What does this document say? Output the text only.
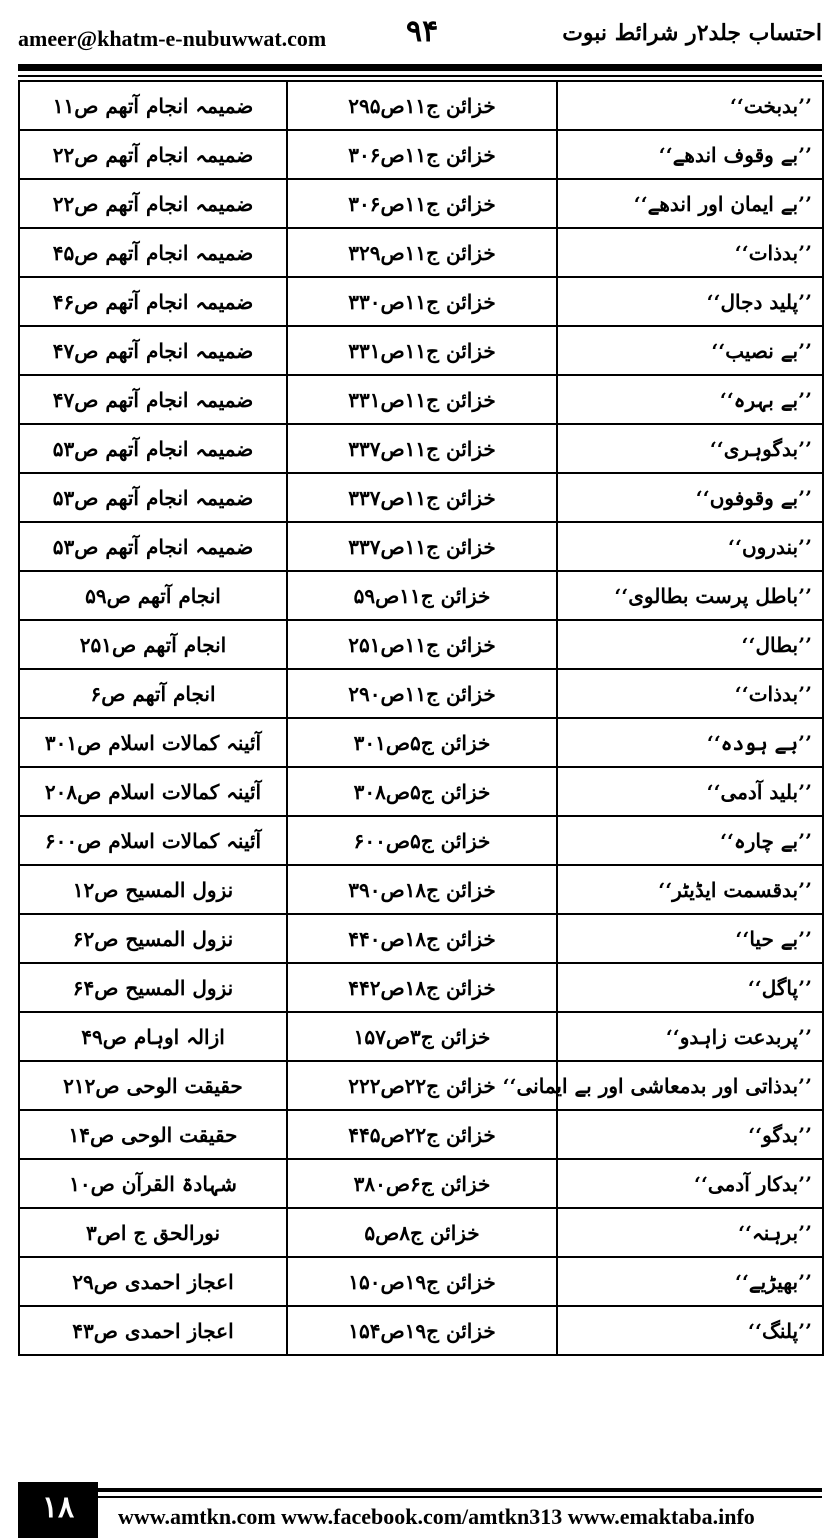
ameer@khatm-e-nubuwwat.com	۹۴	احتساب جلد۲ر شرائط نبوت
ضمیمہ انجام آتھم ص۱۱	خزائن ج۱۱ص۲۹۵	’’بدبخت‘‘
ضمیمہ انجام آتھم ص۲۲	خزائن ج۱۱ص۳۰۶	’’بے وقوف اندھے‘‘
ضمیمہ انجام آتھم ص۲۲	خزائن ج۱۱ص۳۰۶	’’بے ایمان اور اندھے‘‘
ضمیمہ انجام آتھم ص۴۵	خزائن ج۱۱ص۳۲۹	’’بدذات‘‘
ضمیمہ انجام آتھم ص۴۶	خزائن ج۱۱ص۳۳۰	’’پلید دجال‘‘
ضمیمہ انجام آتھم ص۴۷	خزائن ج۱۱ص۳۳۱	’’بے نصیب‘‘
ضمیمہ انجام آتھم ص۴۷	خزائن ج۱۱ص۳۳۱	’’بے بہرہ‘‘
ضمیمہ انجام آتھم ص۵۳	خزائن ج۱۱ص۳۳۷	’’بدگوہری‘‘
ضمیمہ انجام آتھم ص۵۳	خزائن ج۱۱ص۳۳۷	’’بے وقوفوں‘‘
ضمیمہ انجام آتھم ص۵۳	خزائن ج۱۱ص۳۳۷	’’بندروں‘‘
انجام آتھم ص۵۹	خزائن ج۱۱ص۵۹	’’باطل پرست بطالوی‘‘
انجام آتھم ص۲۵۱	خزائن ج۱۱ص۲۵۱	’’بطال‘‘
انجام آتھم ص۶	خزائن ج۱۱ص۲۹۰	’’بدذات‘‘
آئینہ کمالات اسلام ص۳۰۱	خزائن ج۵ص۳۰۱	’’بے ہودہ‘‘
آئینہ کمالات اسلام ص۲۰۸	خزائن ج۵ص۳۰۸	’’بلید آدمی‘‘
آئینہ کمالات اسلام ص۶۰۰	خزائن ج۵ص۶۰۰	’’بے چارہ‘‘
نزول المسیح ص۱۲	خزائن ج۱۸ص۳۹۰	’’بدقسمت ایڈیٹر‘‘
نزول المسیح ص۶۲	خزائن ج۱۸ص۴۴۰	’’بے حیا‘‘
نزول المسیح ص۶۴	خزائن ج۱۸ص۴۴۲	’’پاگل‘‘
ازالہ اوہام ص۴۹	خزائن ج۳ص۱۵۷	’’پربدعت زاہدو‘‘
حقیقت الوحی ص۲۱۲	خزائن ج۲۲ص۲۲۲	’’بدذاتی اور بدمعاشی اور بے ایمانی‘‘
حقیقت الوحی ص۱۴	خزائن ج۲۲ص۴۴۵	’’بدگو‘‘
شہادۃ القرآن ص۱۰	خزائن ج۶ص۳۸۰	’’بدکار آدمی‘‘
نورالحق ج اص۳	خزائن ج۸ص۵	’’برہنہ‘‘
اعجاز احمدی ص۲۹	خزائن ج۱۹ص۱۵۰	’’بھیڑیے‘‘
اعجاز احمدی ص۴۳	خزائن ج۱۹ص۱۵۴	’’پلنگ‘‘
۱۸	www.amtkn.com www.facebook.com/amtkn313 www.emaktaba.info
